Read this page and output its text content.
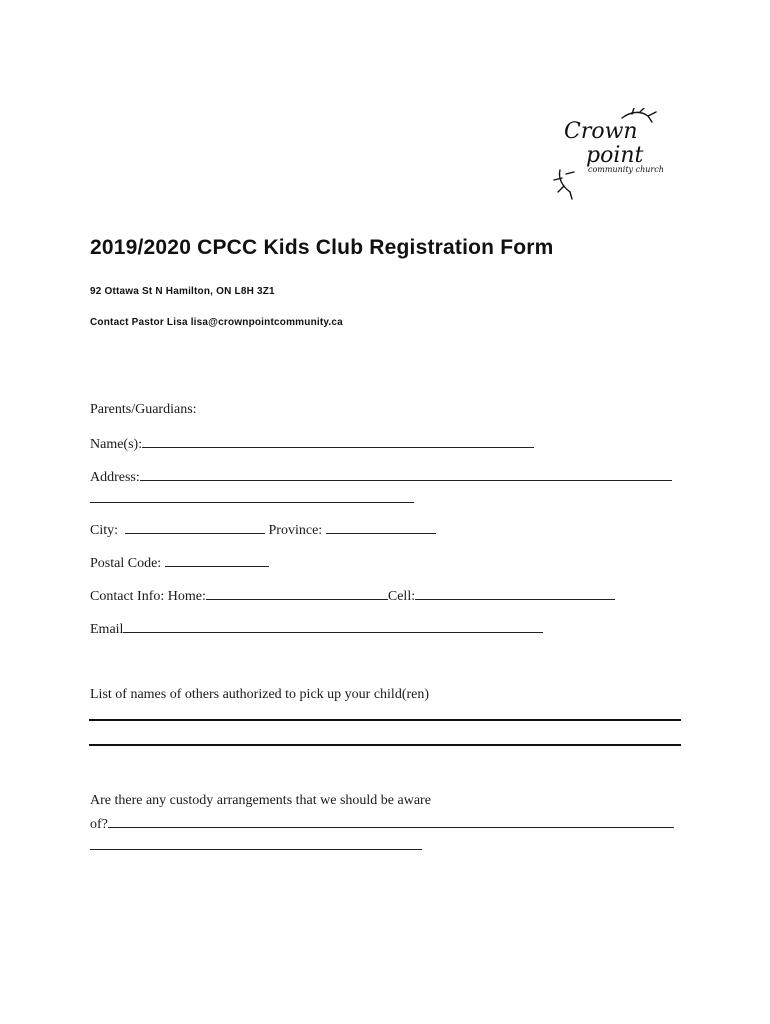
Crown
point
community church
2019/2020 CPCC Kids Club Registration Form
92 Ottawa St N Hamilton, ON L8H 3Z1
Contact Pastor Lisa lisa@crownpointcommunity.ca
Parents/Guardians:
Name(s):
Address:
City:	Province:
Postal Code:
Contact Info: Home:	Cell:
Email
List of names of others authorized to pick up your child(ren)
Are there any custody arrangements that we should be aware
of?
